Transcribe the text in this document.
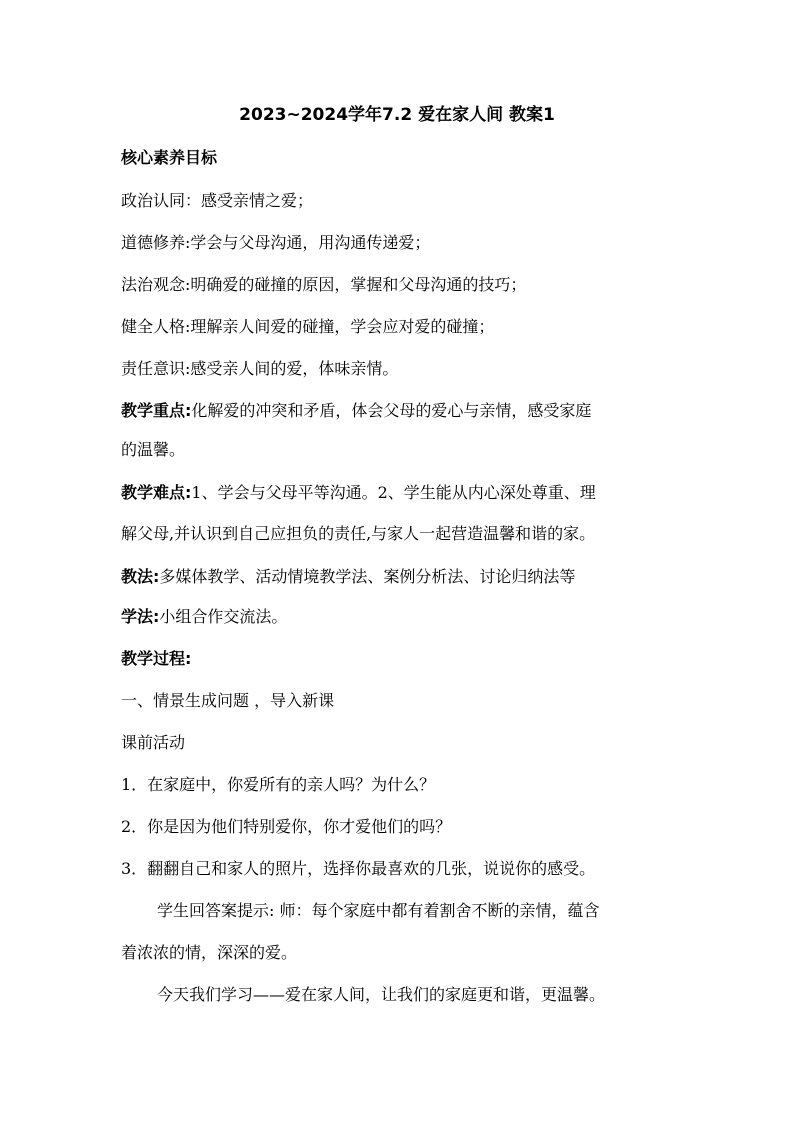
2023~2024学年7.2 爱在家人间 教案1
核心素养目标
政治认同：感受亲情之爱；
道德修养:学会与父母沟通，用沟通传递爱；
法治观念:明确爱的碰撞的原因，掌握和父母沟通的技巧；
健全人格:理解亲人间爱的碰撞，学会应对爱的碰撞；
责任意识:感受亲人间的爱，体味亲情。
教学重点:化解爱的冲突和矛盾，体会父母的爱心与亲情，感受家庭
的温馨。
教学难点:1、学会与父母平等沟通。2、学生能从内心深处尊重、理
解父母,并认识到自己应担负的责任,与家人一起营造温馨和谐的家。
教法:多媒体教学、活动情境教学法、案例分析法、讨论归纳法等
学法:小组合作交流法。
教学过程:
一、情景生成问题 ，导入新课
课前活动
1．在家庭中，你爱所有的亲人吗？为什么？
2．你是因为他们特别爱你，你才爱他们的吗？
3．翻翻自己和家人的照片，选择你最喜欢的几张，说说你的感受。
学生回答案提示: 师：每个家庭中都有着割舍不断的亲情，蕴含
着浓浓的情，深深的爱。
今天我们学习——爱在家人间，让我们的家庭更和谐，更温馨。
